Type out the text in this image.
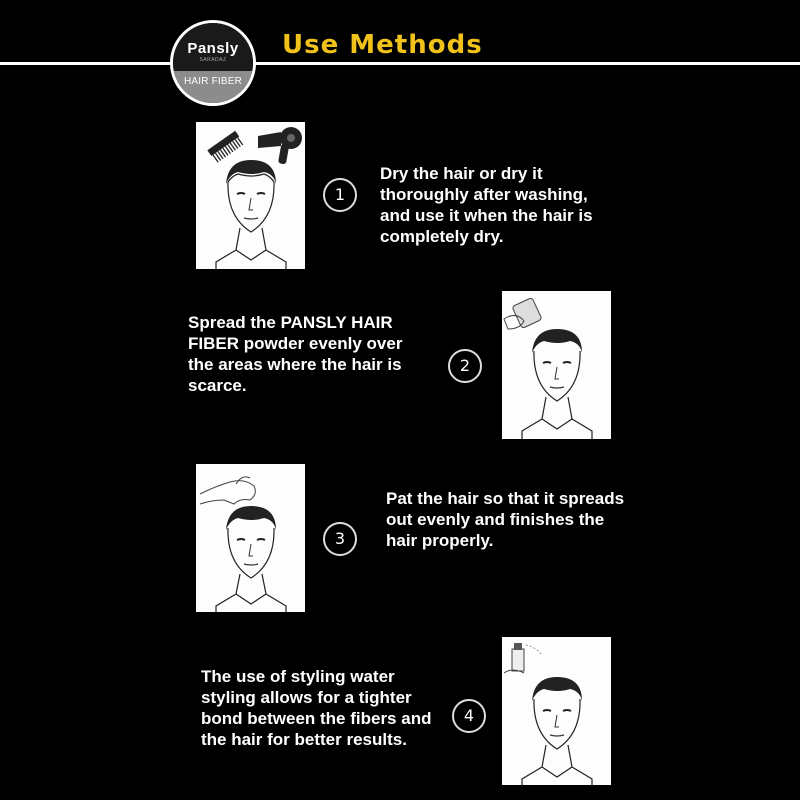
Pansly
SARADAZ
HAIR FIBER
Use Methods
1
Dry the hair or dry it
thoroughly after washing,
and use it when the hair is
completely dry.
Spread the PANSLY HAIR
FIBER powder evenly over
the areas where the hair is
scarce.
2
3
Pat the hair so that it spreads
out evenly and finishes the
hair properly.
The use of styling water
styling allows for a tighter
bond between the fibers and
the hair for better results.
4
